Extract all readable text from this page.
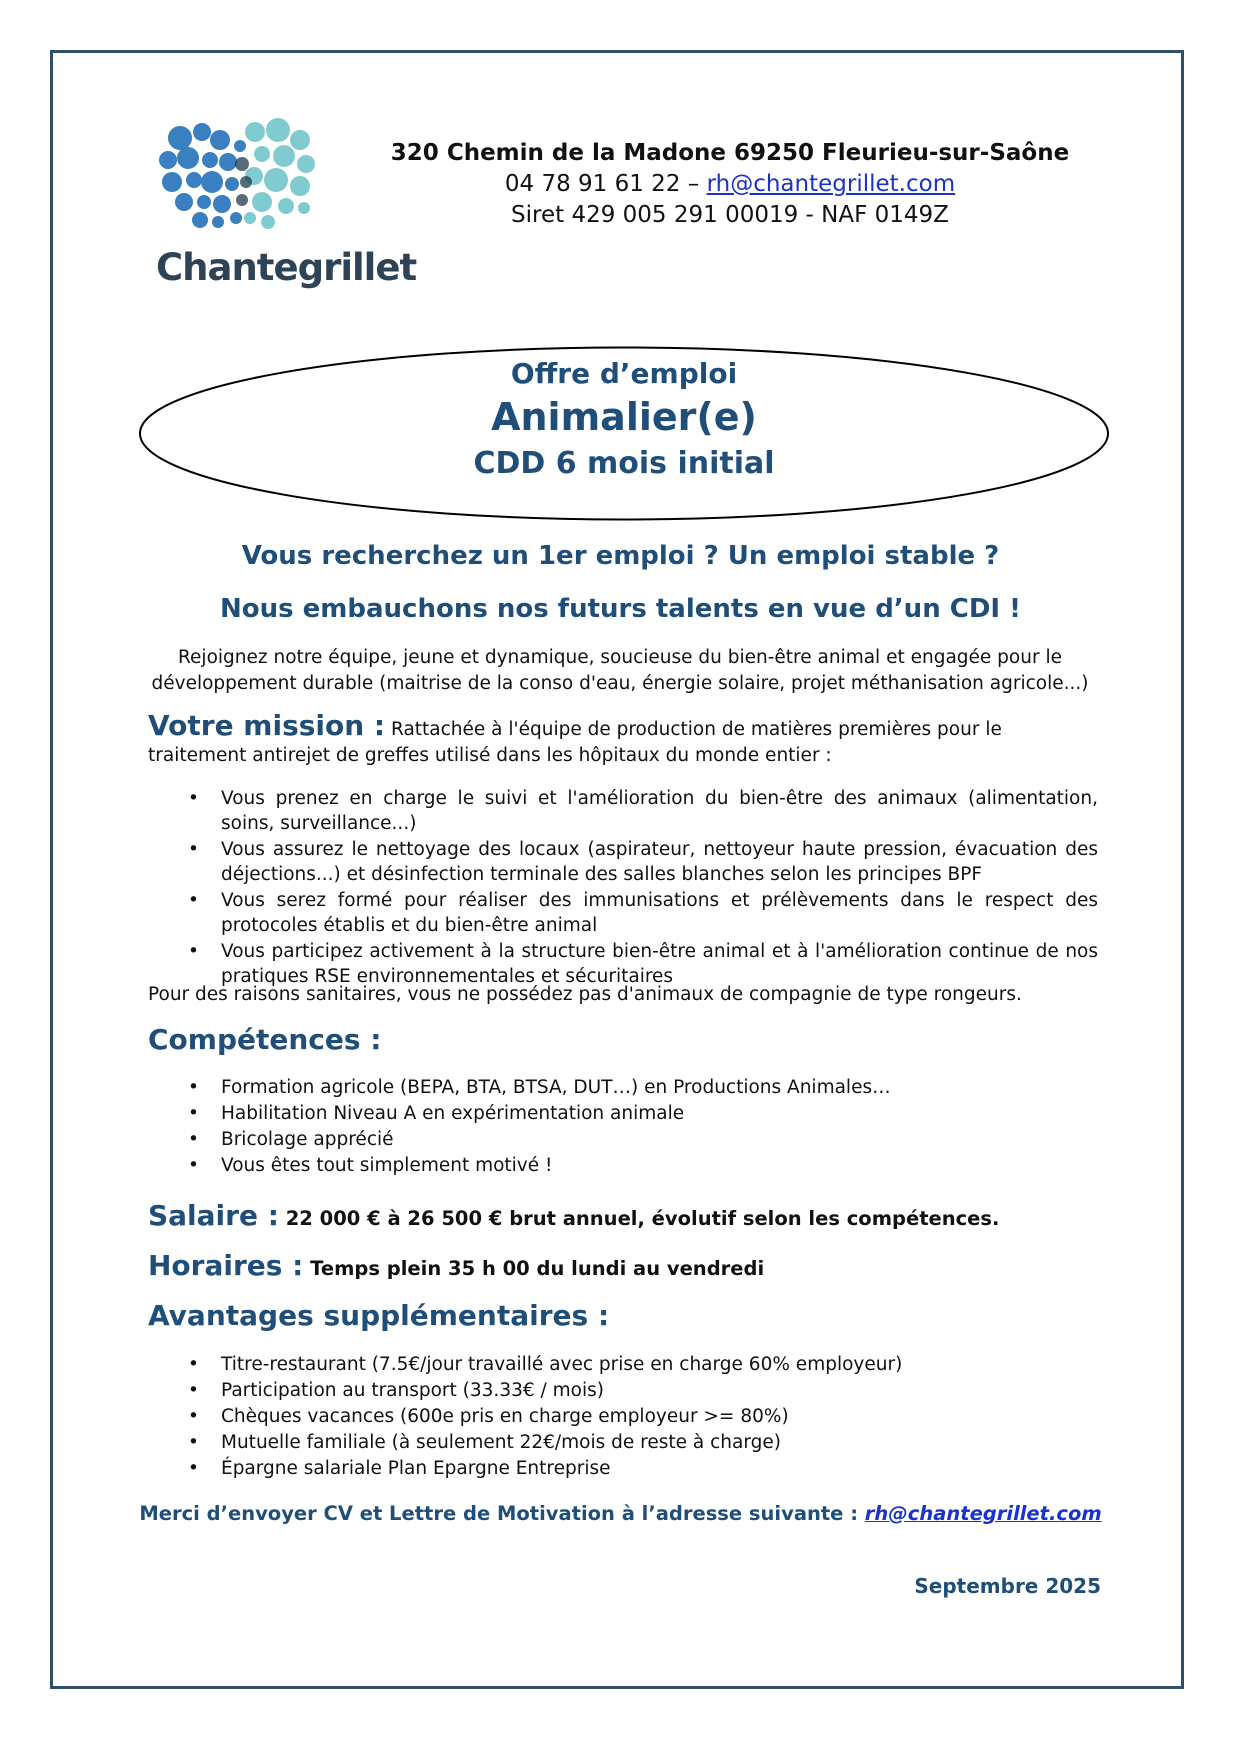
Chantegrillet
320 Chemin de la Madone 69250 Fleurieu-sur-Saône
04 78 91 61 22 – rh@chantegrillet.com
Siret 429 005 291 00019 - NAF 0149Z
Offre d’emploi
Animalier(e)
CDD 6 mois initial
Vous recherchez un 1er emploi ? Un emploi stable ?
Nous embauchons nos futurs talents en vue d’un CDI !
Rejoignez notre équipe, jeune et dynamique, soucieuse du bien-être animal et engagée pour le développement durable (maitrise de la conso d'eau, énergie solaire, projet méthanisation agricole...)
Votre mission : Rattachée à l'équipe de production de matières premières pour le traitement antirejet de greffes utilisé dans les hôpitaux du monde entier :
• Vous prenez en charge le suivi et l'amélioration du bien-être des animaux (alimentation, soins, surveillance...)
• Vous assurez le nettoyage des locaux (aspirateur, nettoyeur haute pression, évacuation des déjections...) et désinfection terminale des salles blanches selon les principes BPF
• Vous serez formé pour réaliser des immunisations et prélèvements dans le respect des protocoles établis et du bien-être animal
• Vous participez activement à la structure bien-être animal et à l'amélioration continue de nos pratiques RSE environnementales et sécuritaires
Pour des raisons sanitaires, vous ne possédez pas d'animaux de compagnie de type rongeurs.
Compétences :
• Formation agricole (BEPA, BTA, BTSA, DUT…) en Productions Animales…
• Habilitation Niveau A en expérimentation animale
• Bricolage apprécié
• Vous êtes tout simplement motivé !
Salaire : 22 000 € à 26 500 € brut annuel, évolutif selon les compétences.
Horaires : Temps plein 35 h 00 du lundi au vendredi
Avantages supplémentaires :
• Titre-restaurant (7.5€/jour travaillé avec prise en charge 60% employeur)
• Participation au transport (33.33€ / mois)
• Chèques vacances (600e pris en charge employeur >= 80%)
• Mutuelle familiale (à seulement 22€/mois de reste à charge)
• Épargne salariale Plan Epargne Entreprise
Merci d’envoyer CV et Lettre de Motivation à l’adresse suivante : rh@chantegrillet.com
Septembre 2025
